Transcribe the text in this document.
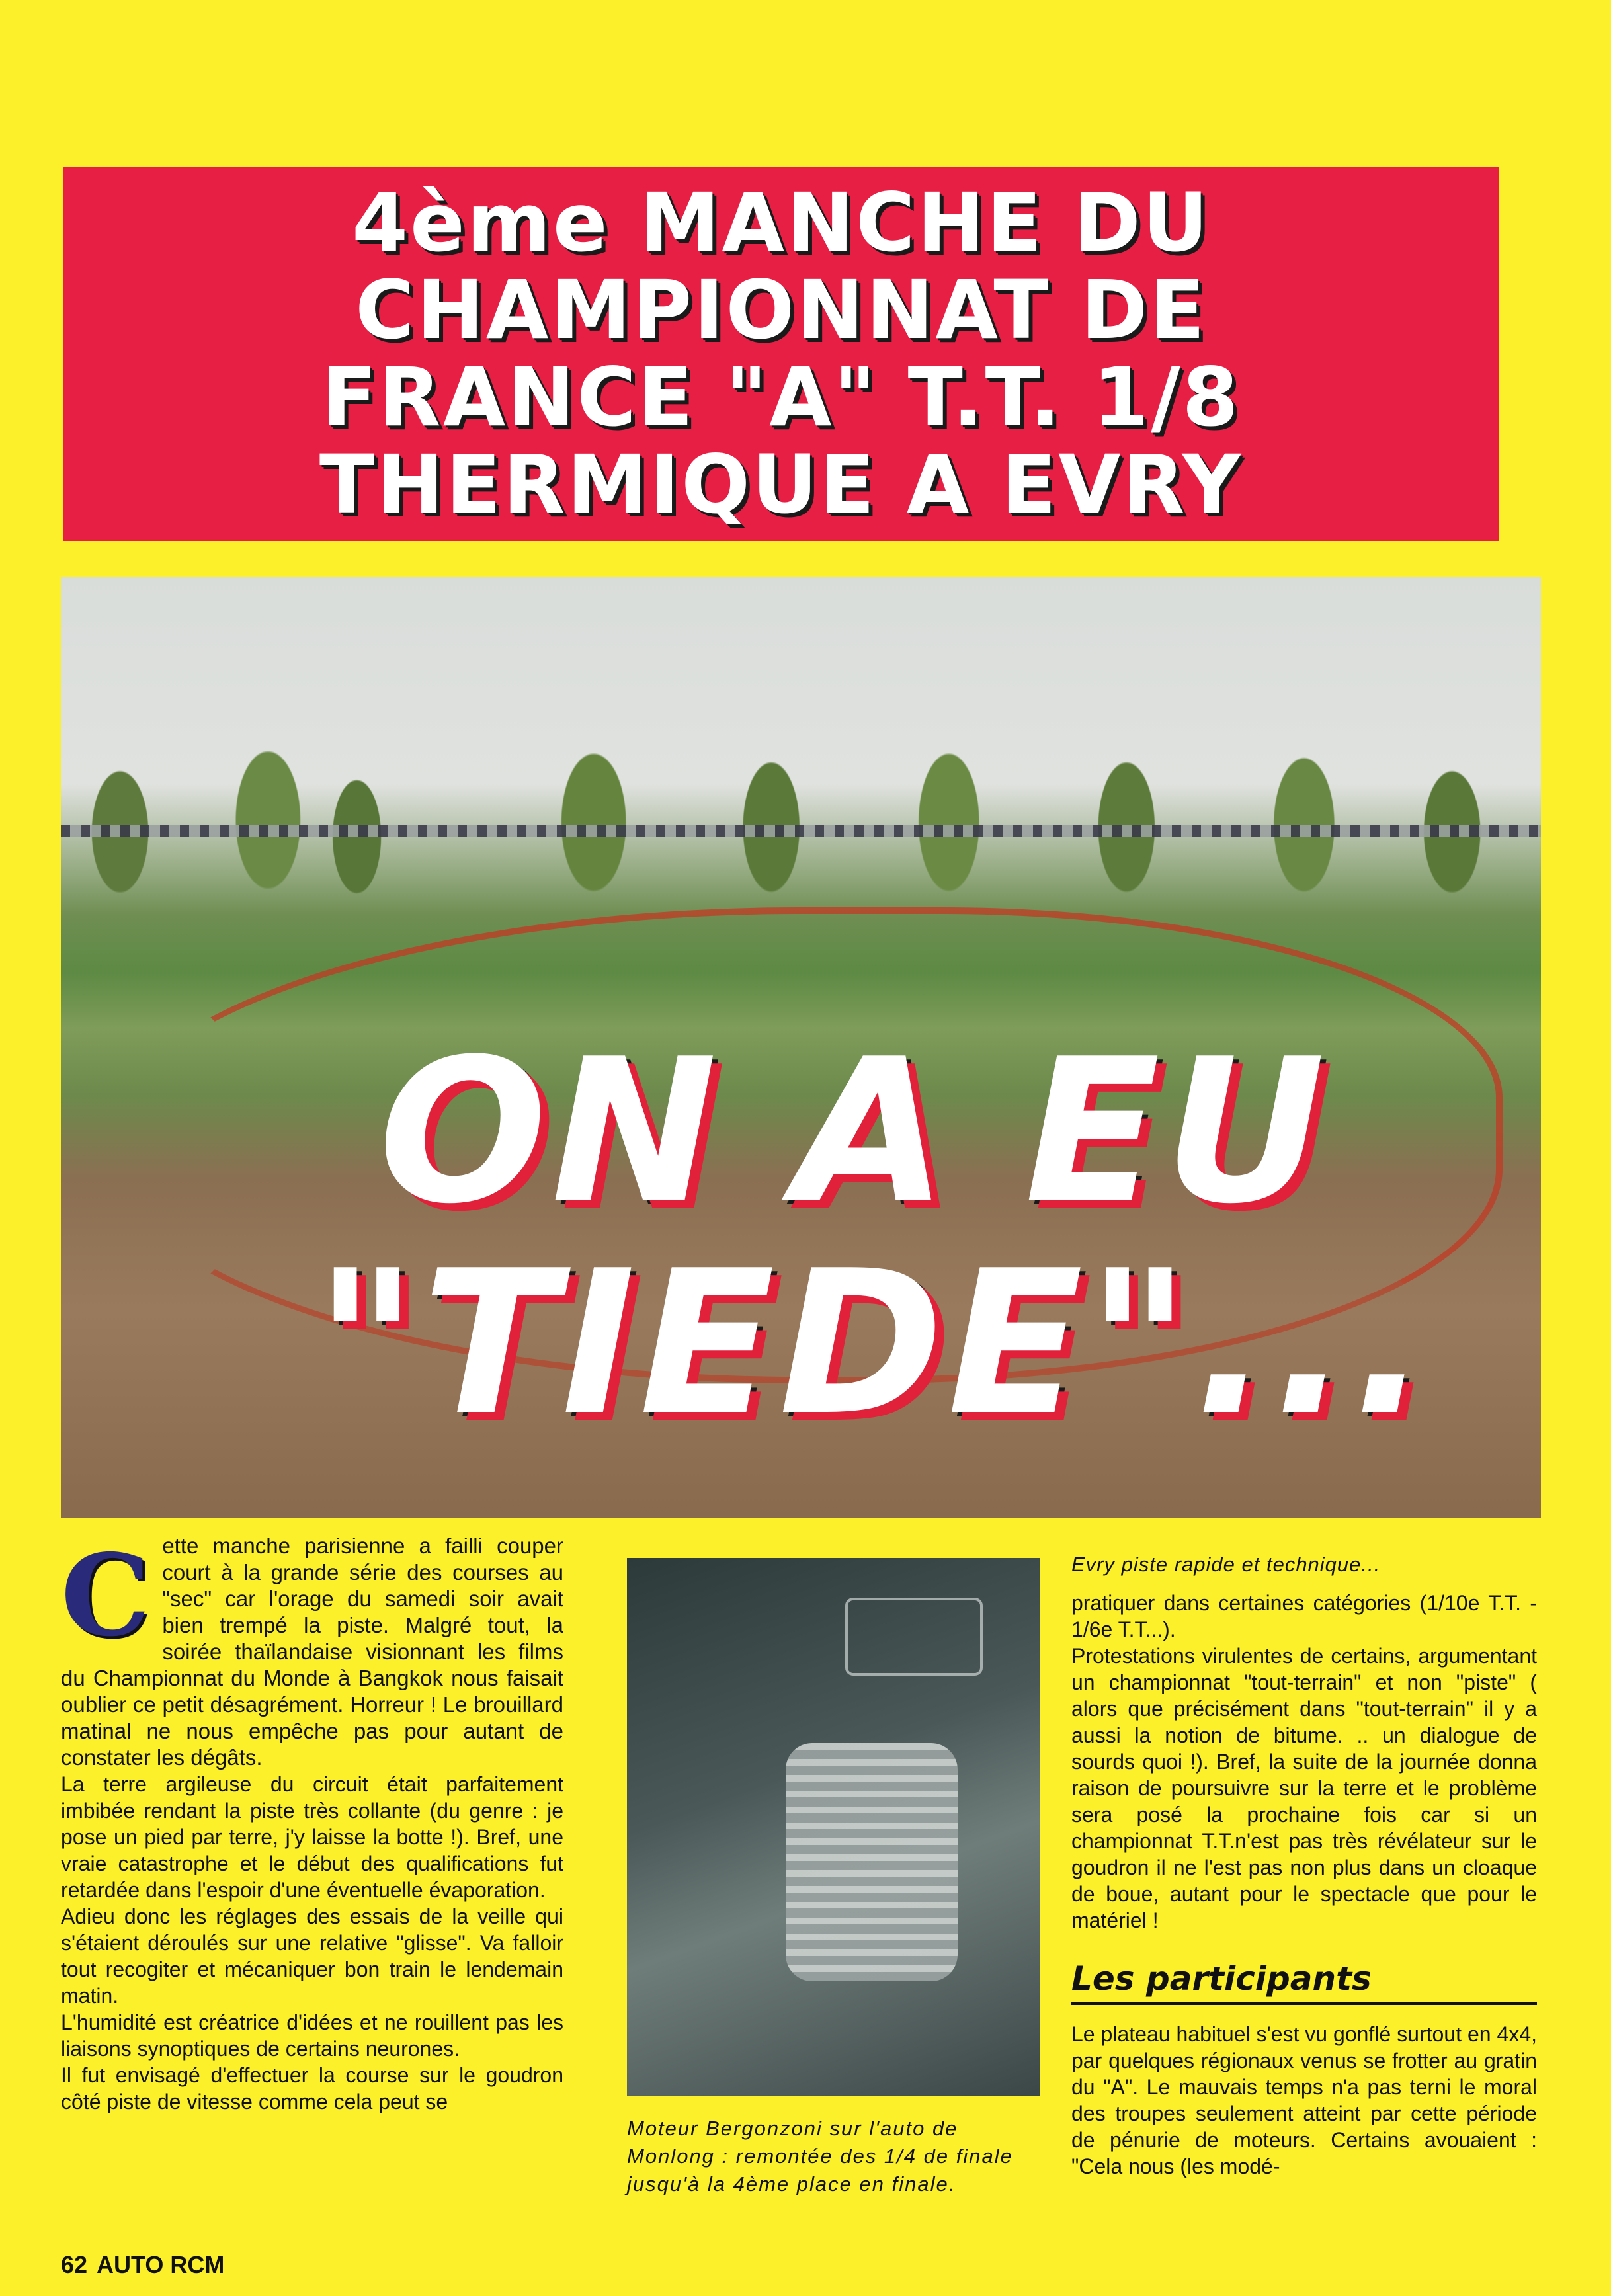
4ème MANCHE DU
CHAMPIONNAT DE
FRANCE "A" T.T. 1/8
THERMIQUE A EVRY
ON A EU
"TIEDE"...

Cette manche parisienne a failli couper court à la grande série des courses au "sec" car l'orage du samedi soir avait bien trempé la piste. Malgré tout, la soirée thaïlandaise visionnant les films du Championnat du Monde à Bangkok nous faisait oublier ce petit désagrément. Horreur ! Le brouillard matinal ne nous empêche pas pour autant de constater les dégâts.

La terre argileuse du circuit était parfaitement imbibée rendant la piste très collante (du genre : je pose un pied par terre, j'y laisse la botte !). Bref, une vraie catastrophe et le début des qualifications fut retardée dans l'espoir d'une éventuelle évaporation.

Adieu donc les réglages des essais de la veille qui s'étaient déroulés sur une relative "glisse". Va falloir tout recogiter et mécaniquer bon train le lendemain matin.

L'humidité est créatrice d'idées et ne rouillent pas les liaisons synoptiques de certains neurones.

Il fut envisagé d'effectuer la course sur le goudron côté piste de vitesse comme cela peut se

Moteur Bergonzoni sur l'auto de Monlong : remontée des 1/4 de finale jusqu'à la 4ème place en finale.
Evry piste rapide et technique...

pratiquer dans certaines catégories (1/10e T.T. - 1/6e T.T...).

Protestations virulentes de certains, argumentant un championnat "tout-terrain" et non "piste" ( alors que précisément dans "tout-terrain" il y a aussi la notion de bitume. .. un dialogue de sourds quoi !). Bref, la suite de la journée donna raison de poursuivre sur la terre et le problème sera posé la prochaine fois car si un championnat T.T.n'est pas très révélateur sur le goudron il ne l'est pas non plus dans un cloaque de boue, autant pour le spectacle que pour le matériel !

Les participants

Le plateau habituel s'est vu gonflé surtout en 4x4, par quelques régionaux venus se frotter au gratin du "A". Le mauvais temps n'a pas terni le moral des troupes seulement atteint par cette période de pénurie de moteurs. Certains avouaient : "Cela nous (les modé-

62 AUTO RCM
